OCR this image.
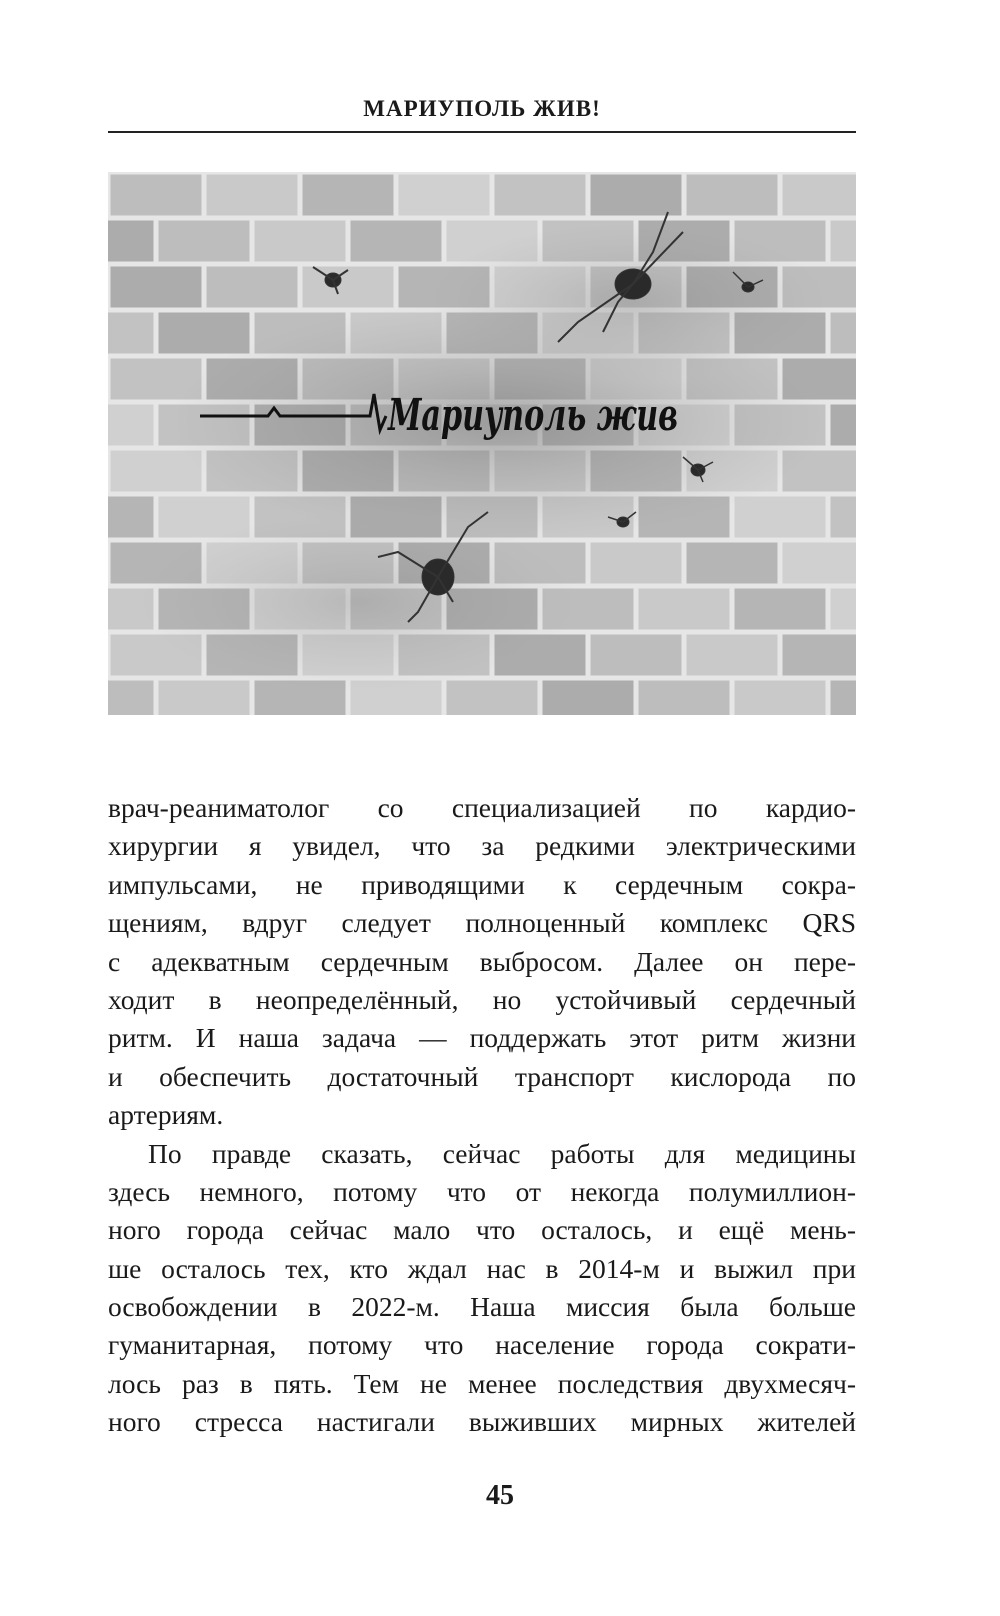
МАРИУПОЛЬ ЖИВ!
Мариуполь жив
врач-реаниматолог со специализацией по кардио-
хирургии я увидел, что за редкими электрическими
импульсами, не приводящими к сердечным сокра-
щениям, вдруг следует полноценный комплекс QRS
с адекватным сердечным выбросом. Далее он пере-
ходит в неопределённый, но устойчивый сердечный
ритм. И наша задача — поддержать этот ритм жизни
и обеспечить достаточный транспорт кислорода по
артериям.
По правде сказать, сейчас работы для медицины
здесь немного, потому что от некогда полумиллион-
ного города сейчас мало что осталось, и ещё мень-
ше осталось тех, кто ждал нас в 2014-м и выжил при
освобождении в 2022-м. Наша миссия была больше
гуманитарная, потому что население города сократи-
лось раз в пять. Тем не менее последствия двухмесяч-
ного стресса настигали выживших мирных жителей
45
